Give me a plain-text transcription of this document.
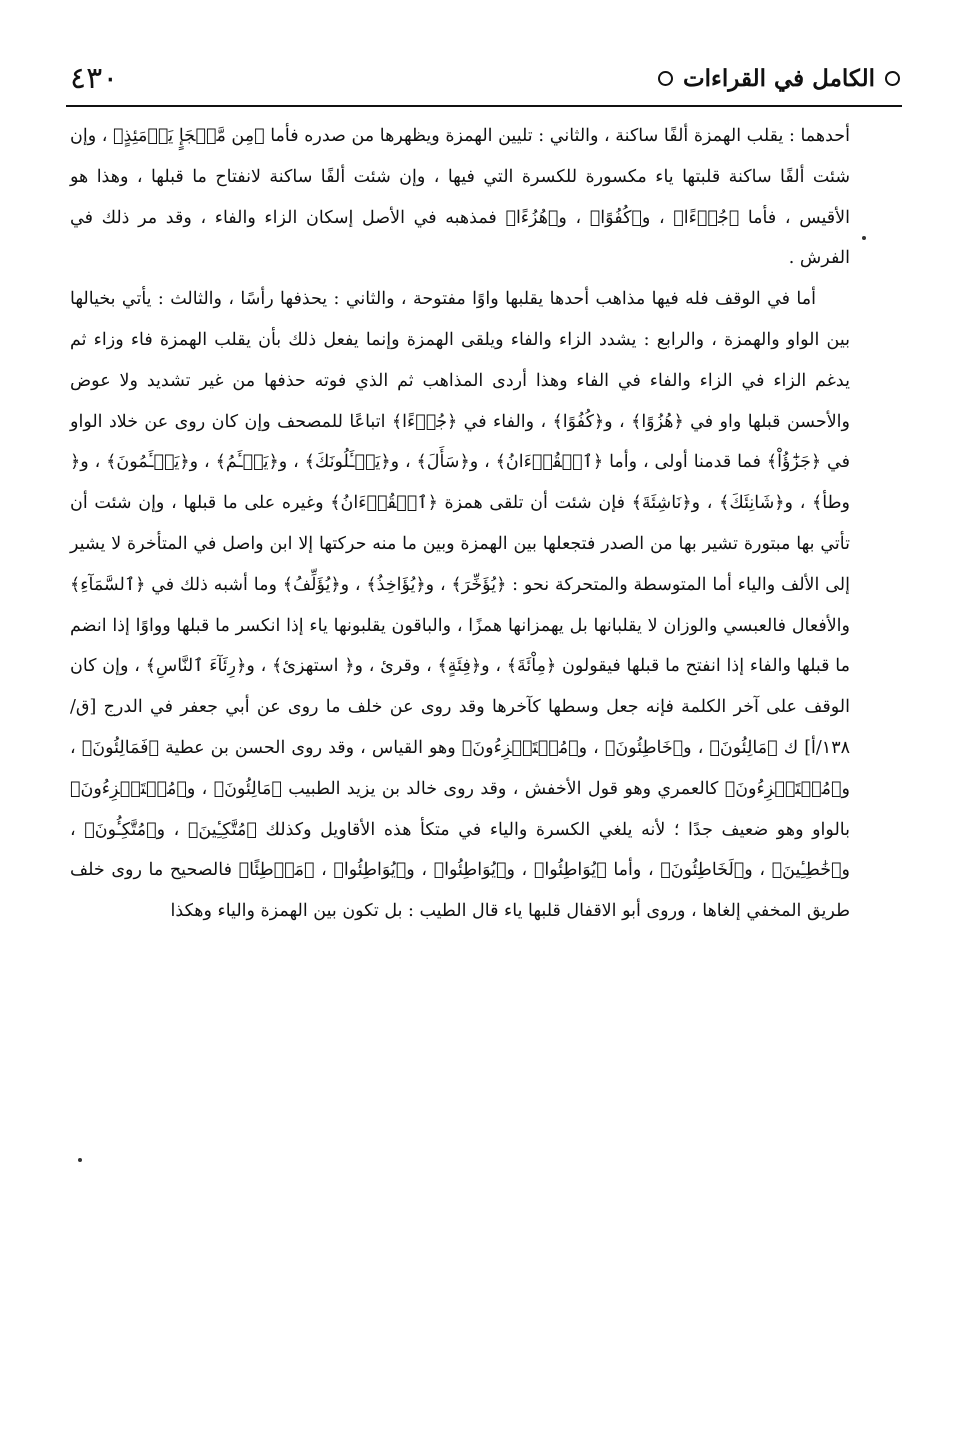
الكامل في القراءات
٤٣٠

أحدهما : يقلب الهمزة ألفًا ساكنة ، والثاني : تليين الهمزة ويظهرها من صدره فأما ﴿مِن مَّلۡجَإٍ يَوۡمَئِذٍ﴾ ، وإن شئت ألفًا ساكنة قلبتها ياء مكسورة للكسرة التي فيها ، وإن شئت ألفًا ساكنة لانفتاح ما قبلها ، وهذا هو الأقيس ، فأما ﴿جُزۡءًا﴾ ، و﴿كُفُوًا﴾ ، و﴿هُزُءًا﴾ فمذهبه في الأصل إسكان الزاء والفاء ، وقد مر ذلك في الفرش .

أما في الوقف فله فيها مذاهب أحدها يقلبها واوًا مفتوحة ، والثاني : يحذفها رأسًا ، والثالث : يأتي بخيالها بين الواو والهمزة ، والرابع : يشدد الزاء والفاء ويلقى الهمزة وإنما يفعل ذلك بأن يقلب الهمزة فاء وزاء ثم يدغم الزاء في الزاء والفاء في الفاء وهذا أردى المذاهب ثم الذي فوته حذفها من غير تشديد ولا عوض والأحسن قبلها واو في ﴿هُزُوًا﴾ ، و﴿كُفُوًا﴾ ، والفاء في ﴿جُزۡءًا﴾ اتباعًا للمصحف وإن كان روى عن خلاد الواو في ﴿جَزَٰٓؤُاْ﴾ فما قدمنا أولى ، وأما ﴿ٱلۡقُرۡءَانُ﴾ ، و﴿سَأَلَ﴾ ، و﴿يَسۡـَٔلُونَكَ﴾ ، و﴿يَسۡـَٔمُ﴾ ، و﴿يَسۡـَٔمُونَ﴾ ، و﴿ وطأ﴾ ، و﴿شَانِئَكَ﴾ ، و﴿نَاشِئَةَ﴾ فإن شئت أن تلقى همزة ﴿ٱلۡقُرۡءَانُ﴾ وغيره على ما قبلها ، وإن شئت أن تأتي بها مبتورة تشير بها من الصدر فتجعلها بين الهمزة وبين ما منه حركتها إلا ابن واصل في المتأخرة لا يشير إلى الألف والياء أما المتوسطة والمتحركة نحو : ﴿يُؤَخِّرَ﴾ ، و﴿يُؤَاخِذُ﴾ ، و﴿يُؤَلِّفُ﴾ وما أشبه ذلك في ﴿ٱلسَّمَآءِ﴾ والأفعال فالعبسي والوزان لا يقلبانها بل يهمزانها همزًا ، والباقون يقلبونها ياء إذا انكسر ما قبلها وواوًا إذا انضم ما قبلها والفاء إذا انفتح ما قبلها فيقولون ﴿مِاْئَةَ﴾ ، و﴿فِئَةٍ﴾ ، وقرئ ، و﴿ استهزئ﴾ ، و﴿رِئَآءَ ٱلنَّاسِ﴾ ، وإن كان الوقف على آخر الكلمة فإنه جعل وسطها كآخرها وقد روى عن خلف ما روى عن أبي جعفر في الدرج [ق/١٣٨/أ] ك ﴿مَالِئُونَ﴾ ، و﴿خَاطِئُونَ﴾ ، و﴿مُسۡتَهۡزِءُونَ﴾ وهو القياس ، وقد روى الحسن بن عطية ﴿فَمَالِئُونَ﴾ ، و﴿مُسۡتَهۡزِءُونَ﴾ كالعمري وهو قول الأخفش ، وقد روى خالد بن يزيد الطبيب ﴿مَالِئُونَ﴾ ، و﴿مُسۡتَهۡزِءُونَ﴾ بالواو وهو ضعيف جدًا ؛ لأنه يلغي الكسرة والياء في متكأ هذه الأقاويل وكذلك ﴿مُتَّكِـِٔينَ﴾ ، و﴿مُتَّكِـُٔونَ﴾ ، و﴿خَٰطِـِٔينَ﴾ ، و﴿لَخَاطِئُونَ﴾ ، وأما ﴿يُوَاطِئُوا﴾ ، و﴿يُوَاطِئُوا﴾ ، و﴿يُوَاطِئُوا﴾ ، ﴿مَوۡطِئًا﴾ فالصحيح ما روى خلف طريق المخفي إلغاها ، وروى أبو الاقفال قلبها ياء قال الطيب : بل تكون بين الهمزة والياء وهكذا
